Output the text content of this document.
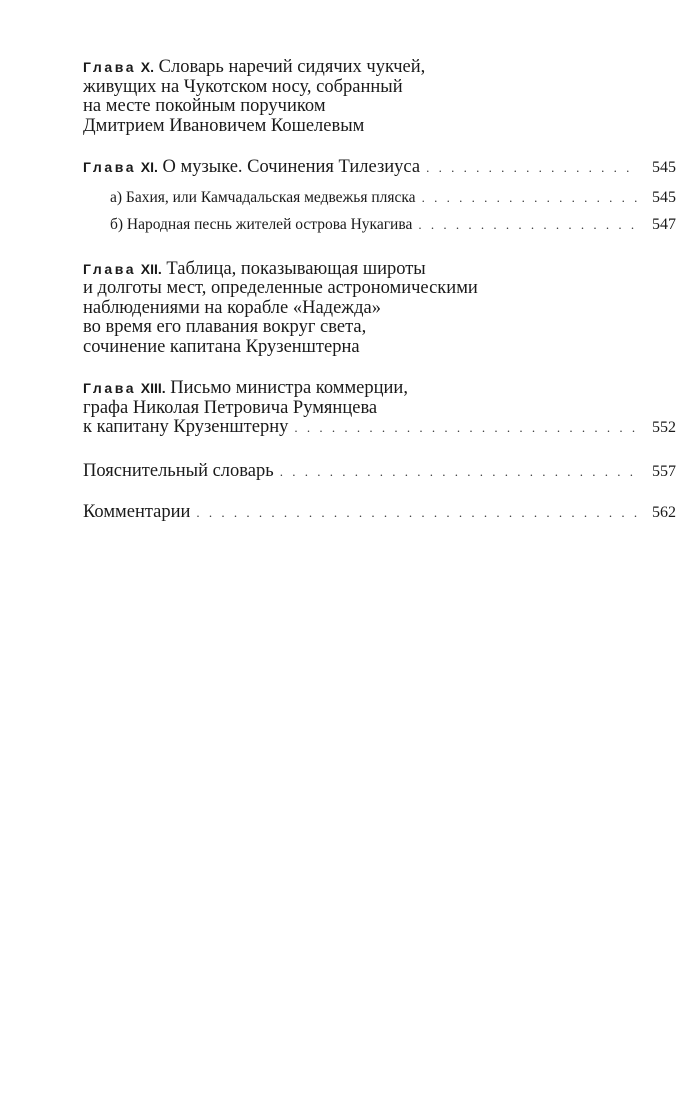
Глава X. Словарь наречий сидячих чукчей,
живущих на Чукотском носу, собранный
на месте покойным поручиком
Дмитрием Ивановичем Кошелевым
Глава XI. О музыке. Сочинения Тилезиуса . . .	545
а) Бахия, или Камчадальская медвежья пляска . . .	545
б) Народная песнь жителей острова Нукагива . . .	547
Глава XII. Таблица, показывающая широты
и долготы мест, определенные астрономическими
наблюдениями на корабле «Надежда»
во время его плавания вокруг света,
сочинение капитана Крузенштерна
Глава XIII. Письмо министра коммерции,
графа Николая Петровича Румянцева
к капитану Крузенштерну . . .	552
Пояснительный словарь . . .	557
Комментарии . . .	562
